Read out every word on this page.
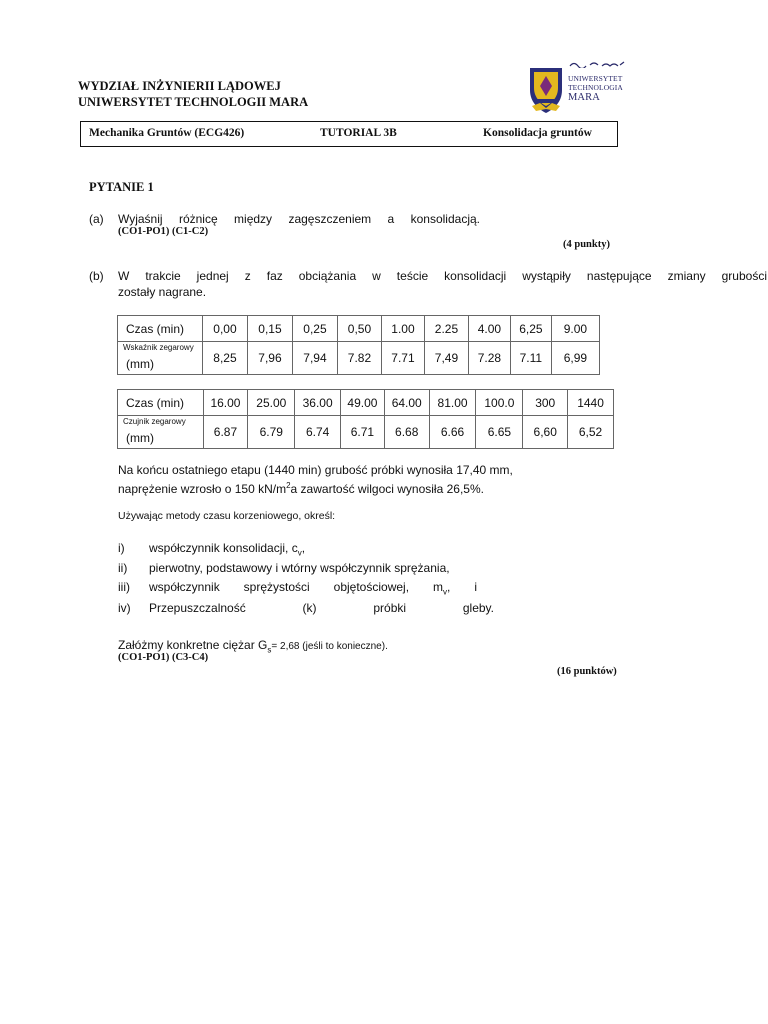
WYDZIAŁ INŻYNIERII LĄDOWEJ
UNIWERSYTET TECHNOLOGII MARA
UNIWERSYTET
TECHNOLOGIA
MARA
Mechanika Gruntów (ECG426)	TUTORIAL 3B	Konsolidacja gruntów
PYTANIE 1
(a) Wyjaśnij różnicę między zagęszczeniem a konsolidacją.
(CO1-PO1) (C1-C2)
(4 punkty)
(b) W trakcie jednej z faz obciążania w teście konsolidacji wystąpiły następujące zmiany grubości
zostały nagrane.
Czas (min)	0,00	0,15	0,25	0,50	1.00	2.25	4.00	6,25	9.00

Wskaźnik zegarowy
(mm)	8,25	7,96	7,94	7.82	7.71	7,49	7.28	7.11	6,99
Czas (min)	16.00	25.00	36.00	49.00	64.00	81.00	100.0	300	1440

Czujnik zegarowy
(mm)	6.87	6.79	6.74	6.71	6.68	6.66	6.65	6,60	6,52
Na końcu ostatniego etapu (1440 min) grubość próbki wynosiła 17,40 mm,
naprężenie wzrosło o 150 $kN/m^2a$ zawartość wilgoci wynosiła 26,5%.
Używając metody czasu korzeniowego, określ:
i) współczynnik konsolidacji, $c_v$,
ii) pierwotny, podstawowy i wtórny współczynnik sprężania,
iii) współczynnik sprężystości objętościowej, $m_v$, i
iv) Przepuszczalność (k) próbki gleby.
Załóżmy konkretne ciężar $G_s= 2,68$ (jeśli to konieczne).
(CO1-PO1) (C3-C4)
(16 punktów)
